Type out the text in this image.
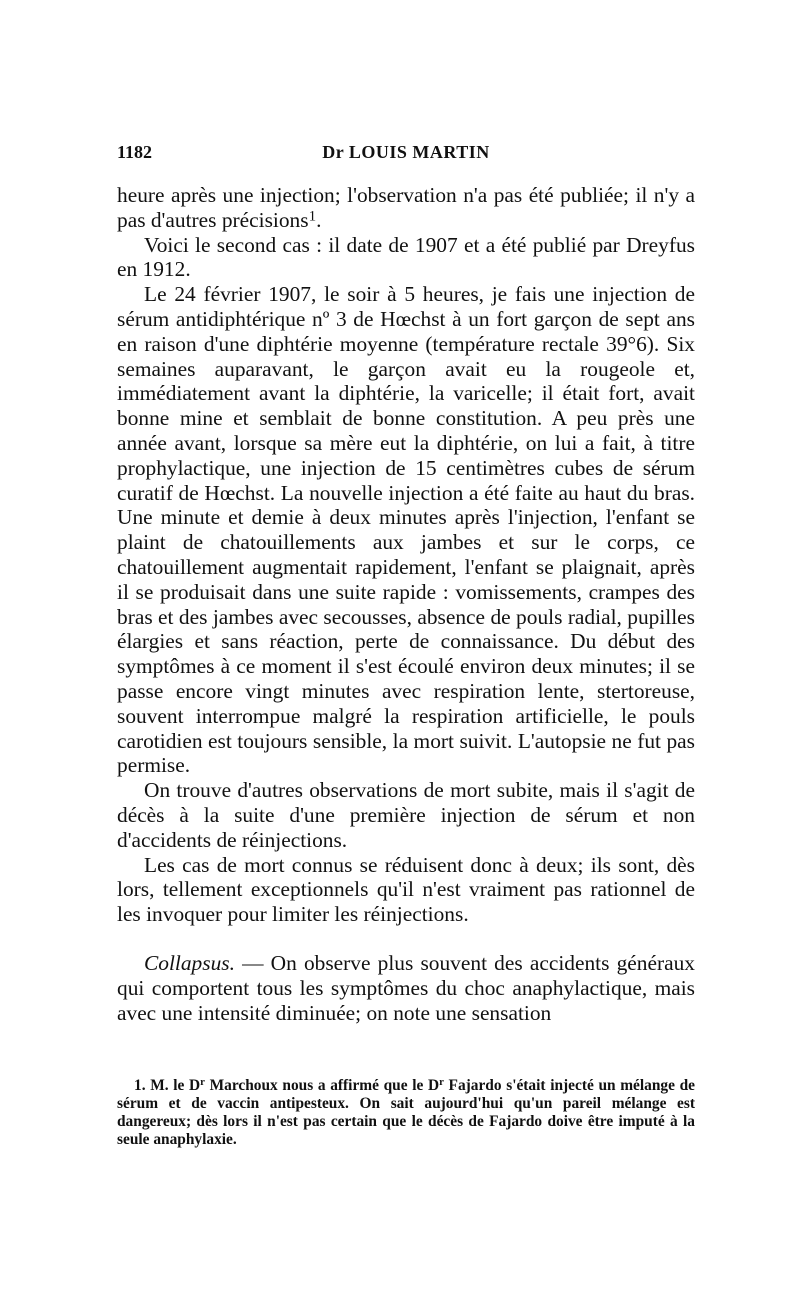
1182	Dr LOUIS MARTIN

heure après une injection; l'observation n'a pas été publiée; il n'y a pas d'autres précisions$^1$.

Voici le second cas : il date de 1907 et a été publié par Dreyfus en 1912.

Le 24 février 1907, le soir à 5 heures, je fais une injection de sérum antidiphtérique nº 3 de Hœchst à un fort garçon de sept ans en raison d'une diphtérie moyenne (température rectale 39°6). Six semaines auparavant, le garçon avait eu la rougeole et, immédiatement avant la diphtérie, la varicelle; il était fort, avait bonne mine et semblait de bonne constitution. A peu près une année avant, lorsque sa mère eut la diphtérie, on lui a fait, à titre prophylactique, une injection de 15 centimètres cubes de sérum curatif de Hœchst. La nouvelle injection a été faite au haut du bras. Une minute et demie à deux minutes après l'injection, l'enfant se plaint de chatouillements aux jambes et sur le corps, ce chatouillement augmentait rapidement, l'enfant se plaignait, après il se produisait dans une suite rapide : vomissements, crampes des bras et des jambes avec secousses, absence de pouls radial, pupilles élargies et sans réaction, perte de connaissance. Du début des symptômes à ce moment il s'est écoulé environ deux minutes; il se passe encore vingt minutes avec respiration lente, stertoreuse, souvent interrompue malgré la respiration artificielle, le pouls carotidien est toujours sensible, la mort suivit. L'autopsie ne fut pas permise.

On trouve d'autres observations de mort subite, mais il s'agit de décès à la suite d'une première injection de sérum et non d'accidents de réinjections.

Les cas de mort connus se réduisent donc à deux; ils sont, dès lors, tellement exceptionnels qu'il n'est vraiment pas rationnel de les invoquer pour limiter les réinjections.

Collapsus. — On observe plus souvent des accidents généraux qui comportent tous les symptômes du choc anaphylactique, mais avec une intensité diminuée; on note une sensation

1. M. le $D^r$ Marchoux nous a affirmé que le $D^r$ Fajardo s'était injecté un mélange de sérum et de vaccin antipesteux. On sait aujourd'hui qu'un pareil mélange est dangereux; dès lors il n'est pas certain que le décès de Fajardo doive être imputé à la seule anaphylaxie.
